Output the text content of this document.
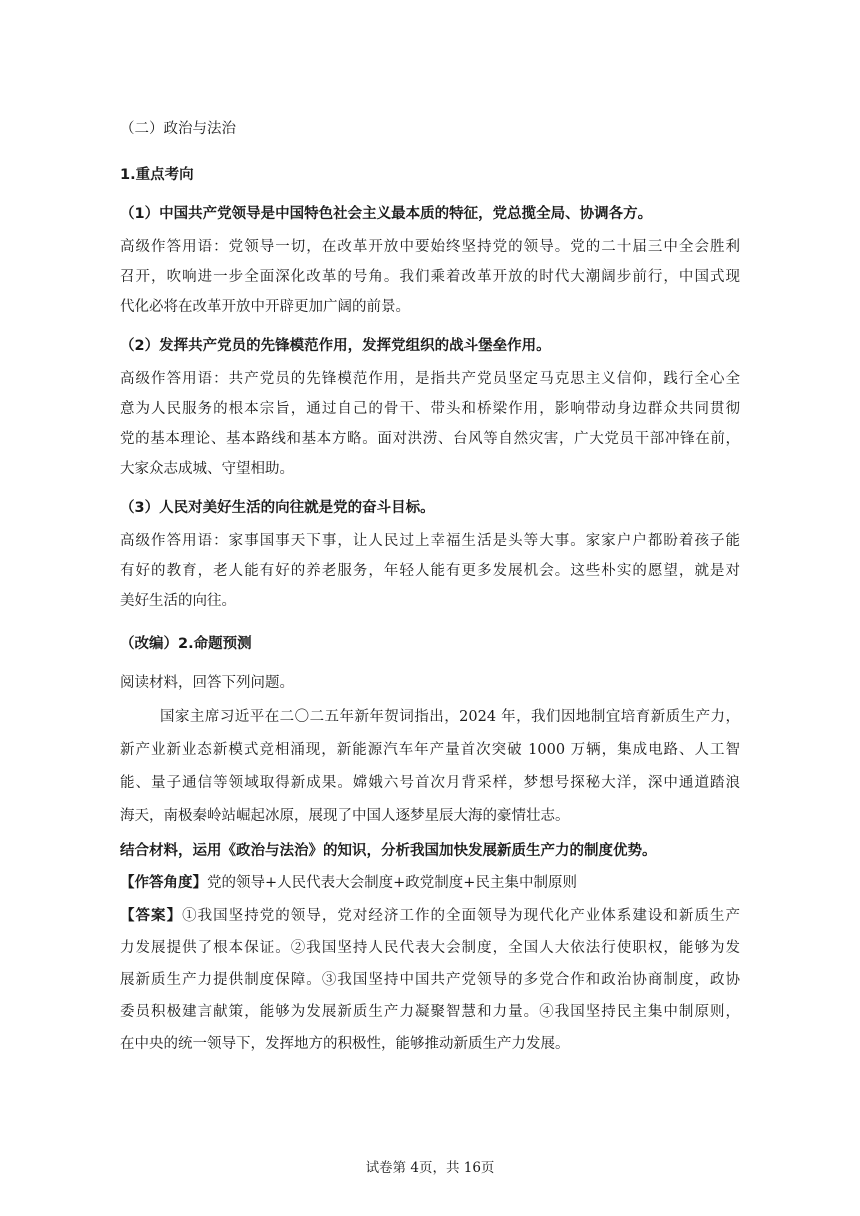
（二）政治与法治
1.重点考向
（1）中国共产党领导是中国特色社会主义最本质的特征，党总揽全局、协调各方。
高级作答用语：党领导一切，在改革开放中要始终坚持党的领导。党的二十届三中全会胜利
召开，吹响进一步全面深化改革的号角。我们乘着改革开放的时代大潮阔步前行，中国式现
代化必将在改革开放中开辟更加广阔的前景。
（2）发挥共产党员的先锋模范作用，发挥党组织的战斗堡垒作用。
高级作答用语：共产党员的先锋模范作用，是指共产党员坚定马克思主义信仰，践行全心全
意为人民服务的根本宗旨，通过自己的骨干、带头和桥梁作用，影响带动身边群众共同贯彻
党的基本理论、基本路线和基本方略。面对洪涝、台风等自然灾害，广大党员干部冲锋在前，
大家众志成城、守望相助。
（3）人民对美好生活的向往就是党的奋斗目标。
高级作答用语：家事国事天下事，让人民过上幸福生活是头等大事。家家户户都盼着孩子能
有好的教育，老人能有好的养老服务，年轻人能有更多发展机会。这些朴实的愿望，就是对
美好生活的向往。
（改编）2.命题预测
阅读材料，回答下列问题。
国家主席习近平在二〇二五年新年贺词指出，2024 年，我们因地制宜培育新质生产力，
新产业新业态新模式竞相涌现，新能源汽车年产量首次突破 1000 万辆，集成电路、人工智
能、量子通信等领域取得新成果。嫦娥六号首次月背采样，梦想号探秘大洋，深中通道踏浪
海天，南极秦岭站崛起冰原，展现了中国人逐梦星辰大海的豪情壮志。
结合材料，运用《政治与法治》的知识，分析我国加快发展新质生产力的制度优势。
【作答角度】党的领导+人民代表大会制度+政党制度+民主集中制原则
【答案】①我国坚持党的领导，党对经济工作的全面领导为现代化产业体系建设和新质生产
力发展提供了根本保证。②我国坚持人民代表大会制度，全国人大依法行使职权，能够为发
展新质生产力提供制度保障。③我国坚持中国共产党领导的多党合作和政治协商制度，政协
委员积极建言献策，能够为发展新质生产力凝聚智慧和力量。④我国坚持民主集中制原则，
在中央的统一领导下，发挥地方的积极性，能够推动新质生产力发展。
试卷第 4页，共 16页
